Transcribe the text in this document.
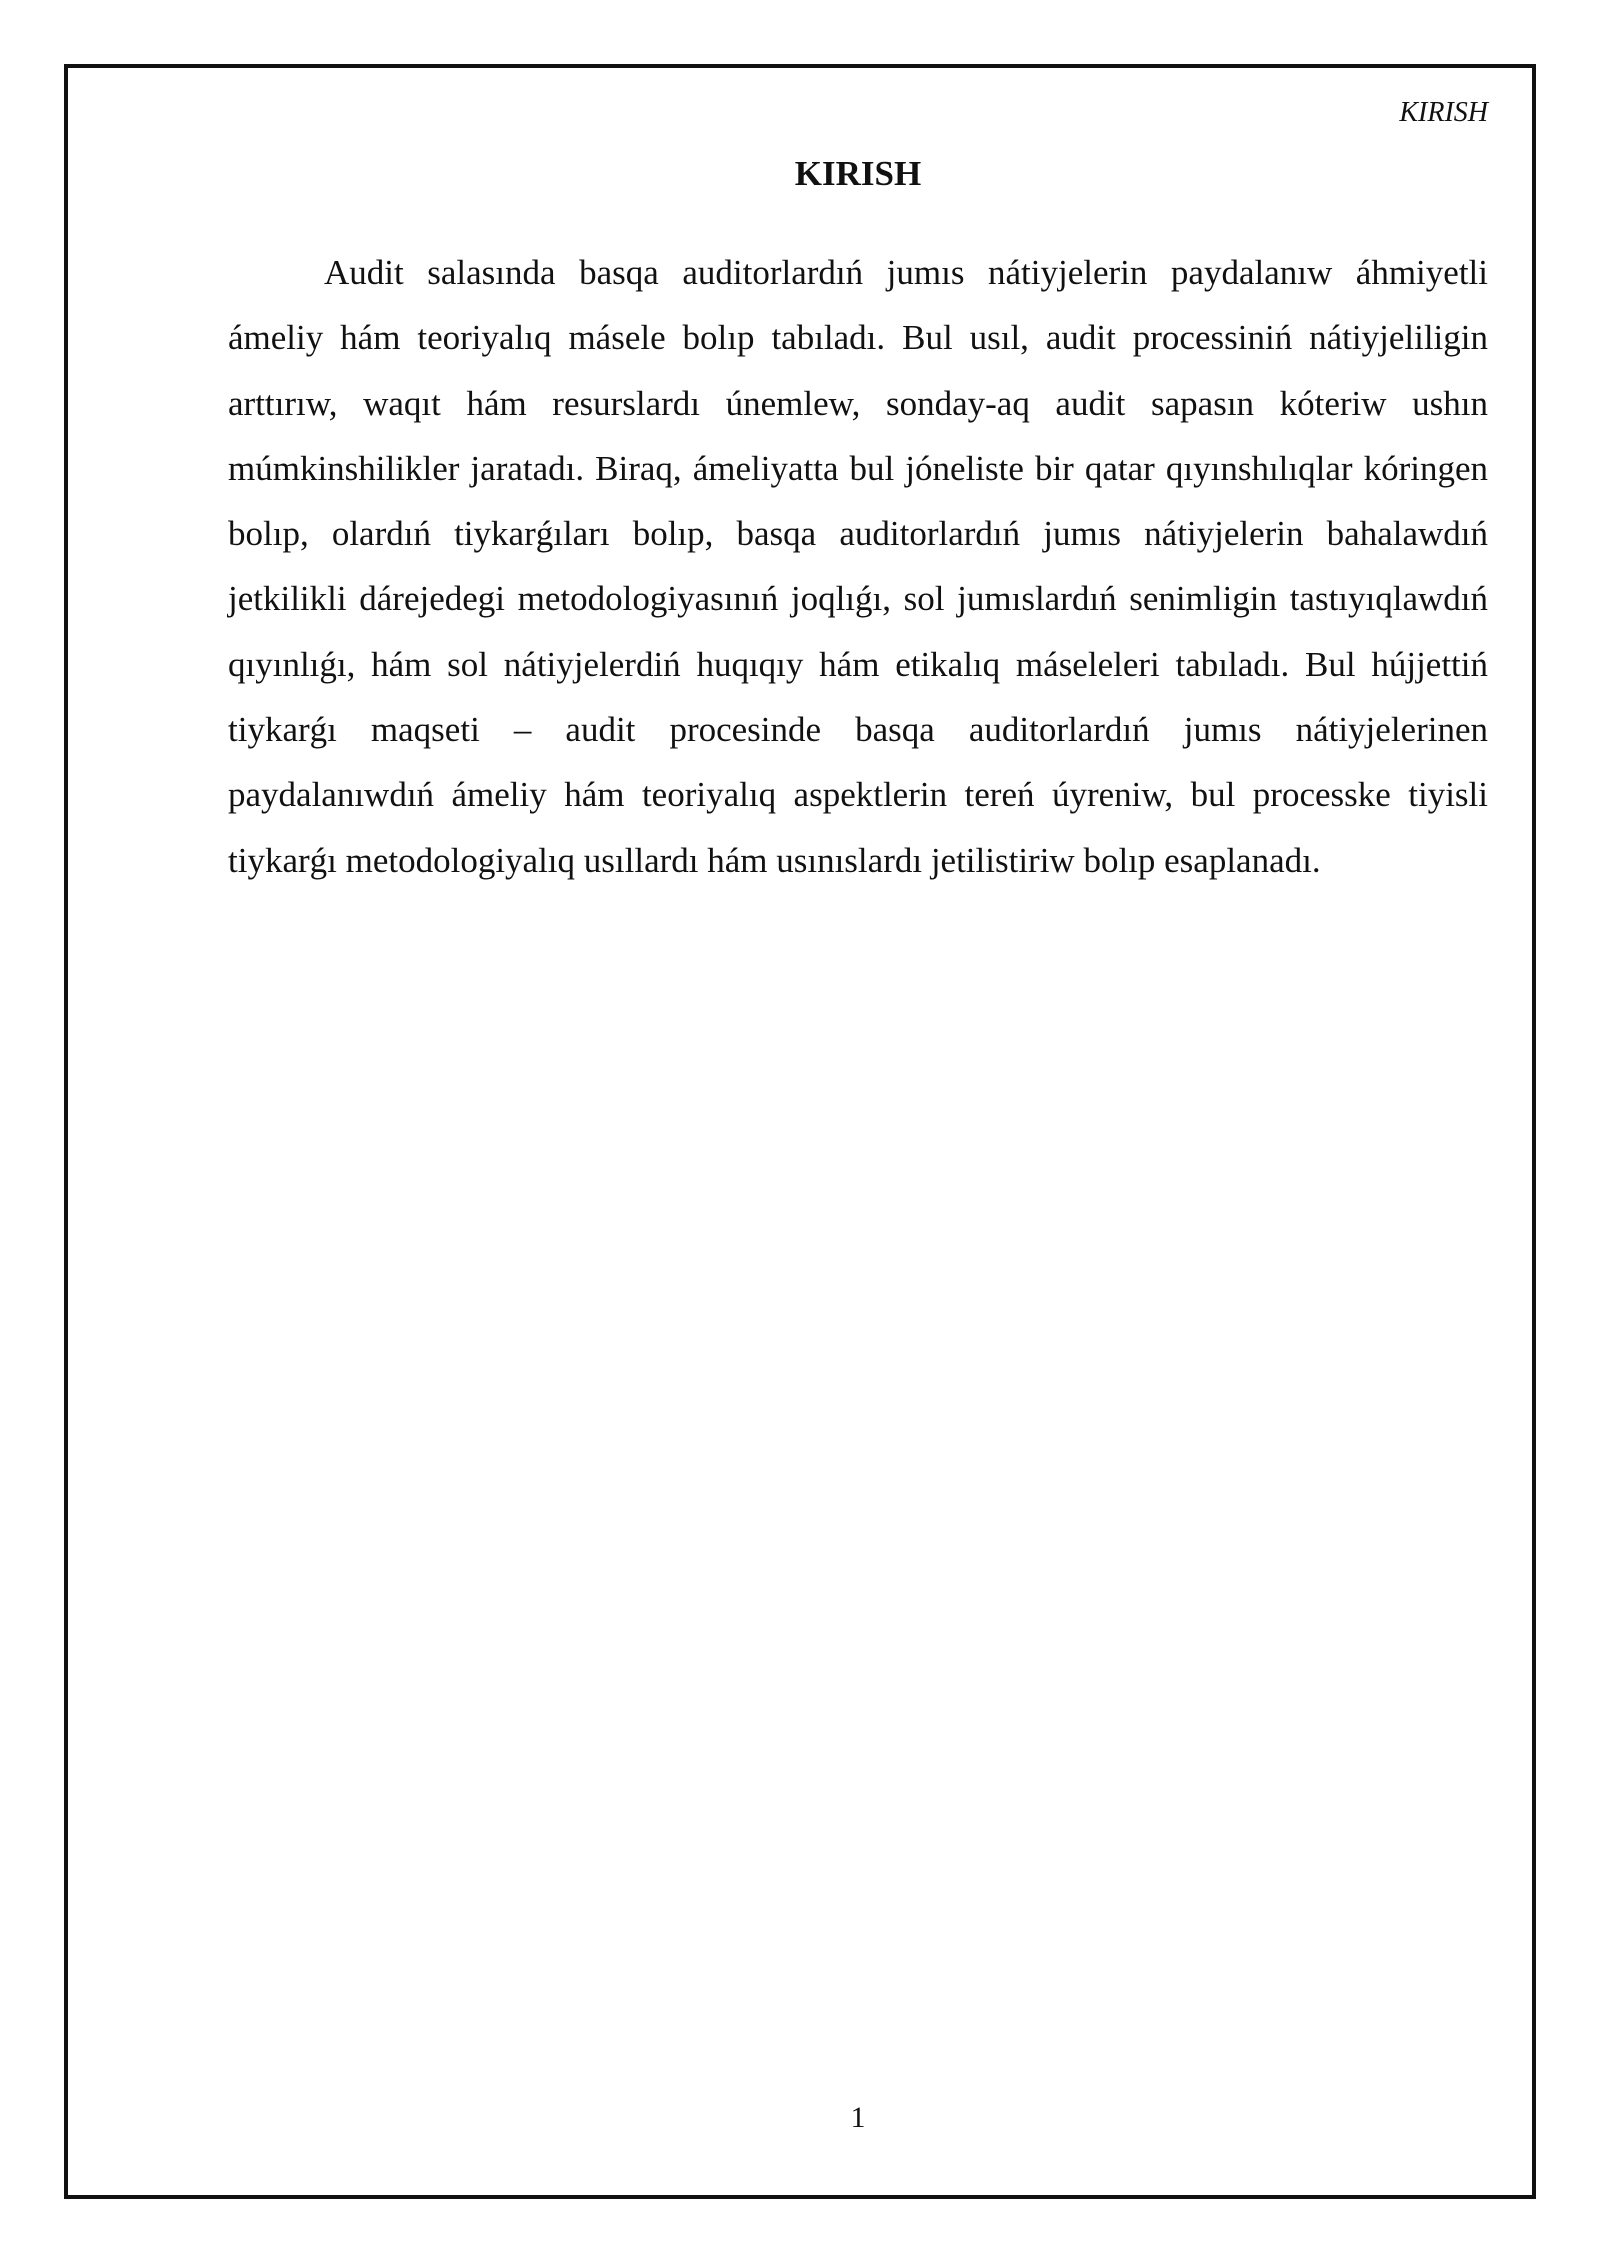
KIRISH
KIRISH

Audit salasında basqa auditorlardıń jumıs nátiyjelerin paydalanıw áhmiyetli ámeliy hám teoriyalıq másele bolıp tabıladı. Bul usıl, audit processiniń nátiyjeliligin arttırıw, waqıt hám resurslardı únemlew, sonday-aq audit sapasın kóteriw ushın múmkinshilikler jaratadı. Biraq, ámeliyatta bul jóneliste bir qatar qıyınshılıqlar kóringen bolıp, olardıń tiykarǵıları bolıp, basqa auditorlardıń jumıs nátiyjelerin bahalawdıń jetkilikli dárejedegi metodologiyasınıń joqlıǵı, sol jumıslardıń senimligin tastıyıqlawdıń qıyınlıǵı, hám sol nátiyjelerdiń huqıqıy hám etikalıq máseleleri tabıladı. Bul hújjettiń tiykarǵı maqseti – audit procesinde basqa auditorlardıń jumıs nátiyjelerinen paydalanıwdıń ámeliy hám teoriyalıq aspektlerin tereń úyreniw, bul processke tiyisli tiykarǵı metodologiyalıq usıllardı hám usınıslardı jetilistiriw bolıp esaplanadı.

1
